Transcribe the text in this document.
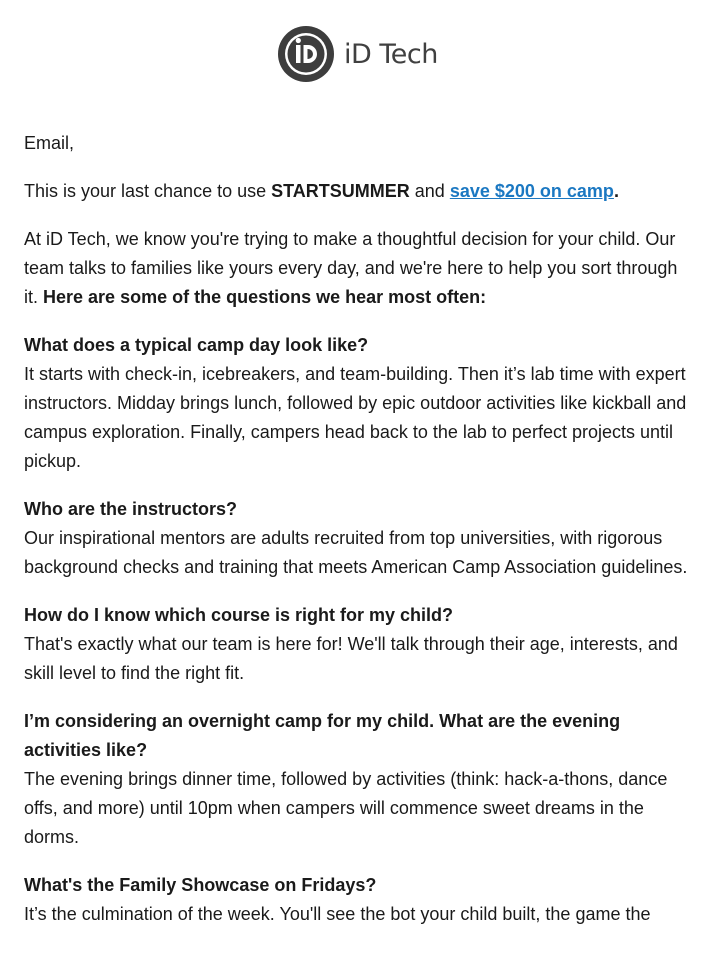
iD Tech

Email,

This is your last chance to use STARTSUMMER and save $200 on camp.

At iD Tech, we know you're trying to make a thoughtful decision for your child. Our team talks to families like yours every day, and we're here to help you sort through it. Here are some of the questions we hear most often:

What does a typical camp day look like?
It starts with check-in, icebreakers, and team-building. Then it’s lab time with expert instructors. Midday brings lunch, followed by epic outdoor activities like kickball and campus exploration. Finally, campers head back to the lab to perfect projects until pickup.
Who are the instructors?
Our inspirational mentors are adults recruited from top universities, with rigorous background checks and training that meets American Camp Association guidelines.
How do I know which course is right for my child?
That's exactly what our team is here for! We'll talk through their age, interests, and skill level to find the right fit.
I’m considering an overnight camp for my child. What are the evening activities like?
The evening brings dinner time, followed by activities (think: hack-a-thons, dance offs, and more) until 10pm when campers will commence sweet dreams in the dorms.
What's the Family Showcase on Fridays?
It’s the culmination of the week. You'll see the bot your child built, the game the
